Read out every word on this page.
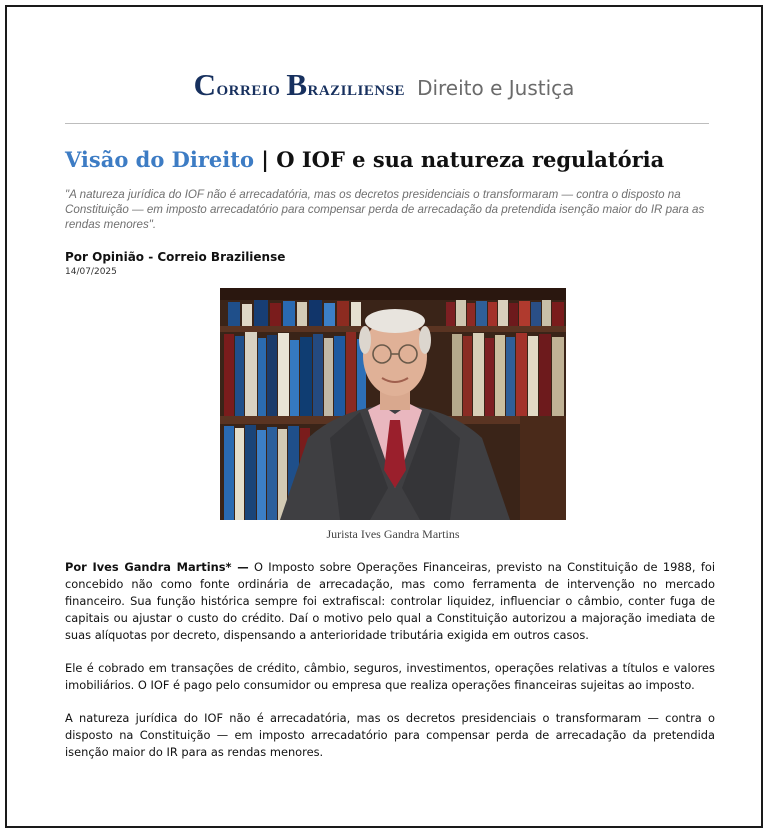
Correio Braziliense Direito e Justiça
Visão do Direito | O IOF e sua natureza regulatória

"A natureza jurídica do IOF não é arrecadatória, mas os decretos presidenciais o transformaram — contra o disposto na Constituição — em imposto arrecadatório para compensar perda de arrecadação da pretendida isenção maior do IR para as rendas menores".

Por Opinião - Correio Braziliense
14/07/2025
Jurista Ives Gandra Martins

Por Ives Gandra Martins* — O Imposto sobre Operações Financeiras, previsto na Constituição de 1988, foi concebido não como fonte ordinária de arrecadação, mas como ferramenta de intervenção no mercado financeiro. Sua função histórica sempre foi extrafiscal: controlar liquidez, influenciar o câmbio, conter fuga de capitais ou ajustar o custo do crédito. Daí o motivo pelo qual a Constituição autorizou a majoração imediata de suas alíquotas por decreto, dispensando a anterioridade tributária exigida em outros casos.

Ele é cobrado em transações de crédito, câmbio, seguros, investimentos, operações relativas a títulos e valores imobiliários. O IOF é pago pelo consumidor ou empresa que realiza operações financeiras sujeitas ao imposto.

A natureza jurídica do IOF não é arrecadatória, mas os decretos presidenciais o transformaram — contra o disposto na Constituição — em imposto arrecadatório para compensar perda de arrecadação da pretendida isenção maior do IR para as rendas menores.
